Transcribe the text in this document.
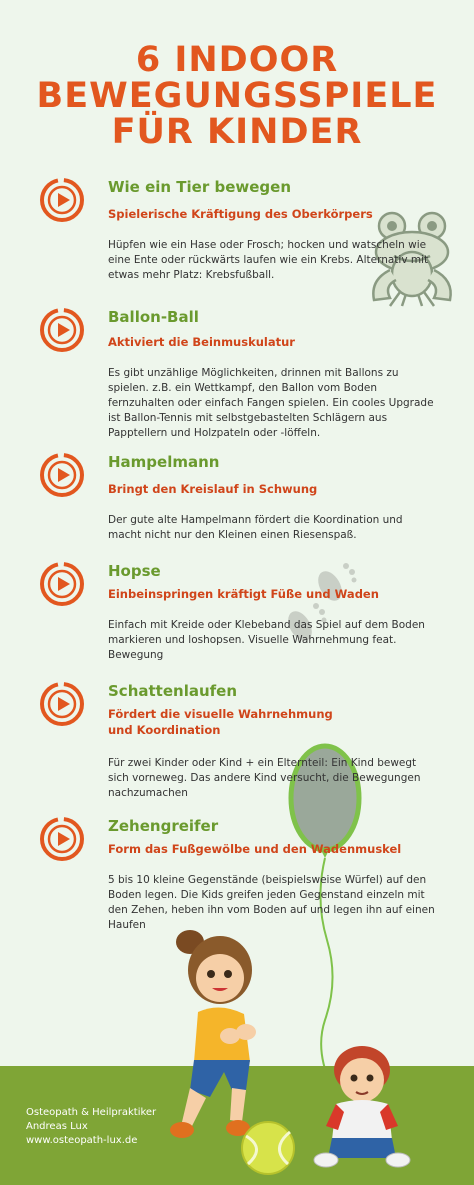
6 INDOOR
BEWEGUNGSSPIELE
FÜR KINDER
Wie ein Tier bewegen
Spielerische Kräftigung des Oberkörpers
Hüpfen wie ein Hase oder Frosch; hocken und watscheln wie eine Ente oder rückwärts laufen wie ein Krebs. Alternativ mit etwas mehr Platz: Krebsfußball.
Ballon-Ball
Aktiviert die Beinmuskulatur
Es gibt unzählige Möglichkeiten, drinnen mit Ballons zu spielen. z.B. ein Wettkampf, den Ballon vom Boden fernzuhalten oder einfach Fangen spielen. Ein cooles Upgrade ist Ballon-Tennis mit selbstgebastelten Schlägern aus Papptellern und Holzpateln oder -löffeln.
Hampelmann
Bringt den Kreislauf in Schwung
Der gute alte Hampelmann fördert die Koordination und macht nicht nur den Kleinen einen Riesenspaß.
Hopse
Einbeinspringen kräftigt Füße und Waden
Einfach mit Kreide oder Klebeband das Spiel auf dem Boden markieren und loshopsen. Visuelle Wahrnehmung feat. Bewegung
Schattenlaufen
Fördert die visuelle Wahrnehmung und Koordination
Für zwei Kinder oder Kind + ein Elternteil: Ein Kind bewegt sich vorneweg. Das andere Kind versucht, die Bewegungen nachzumachen
Zehengreifer
Form das Fußgewölbe und den Wadenmuskel
5 bis 10 kleine Gegenstände (beispielsweise Würfel) auf den Boden legen. Die Kids greifen jeden Gegenstand einzeln mit den Zehen, heben ihn vom Boden auf und legen ihn auf einen Haufen
Osteopath & Heilpraktiker
Andreas Lux
www.osteopath-lux.de
